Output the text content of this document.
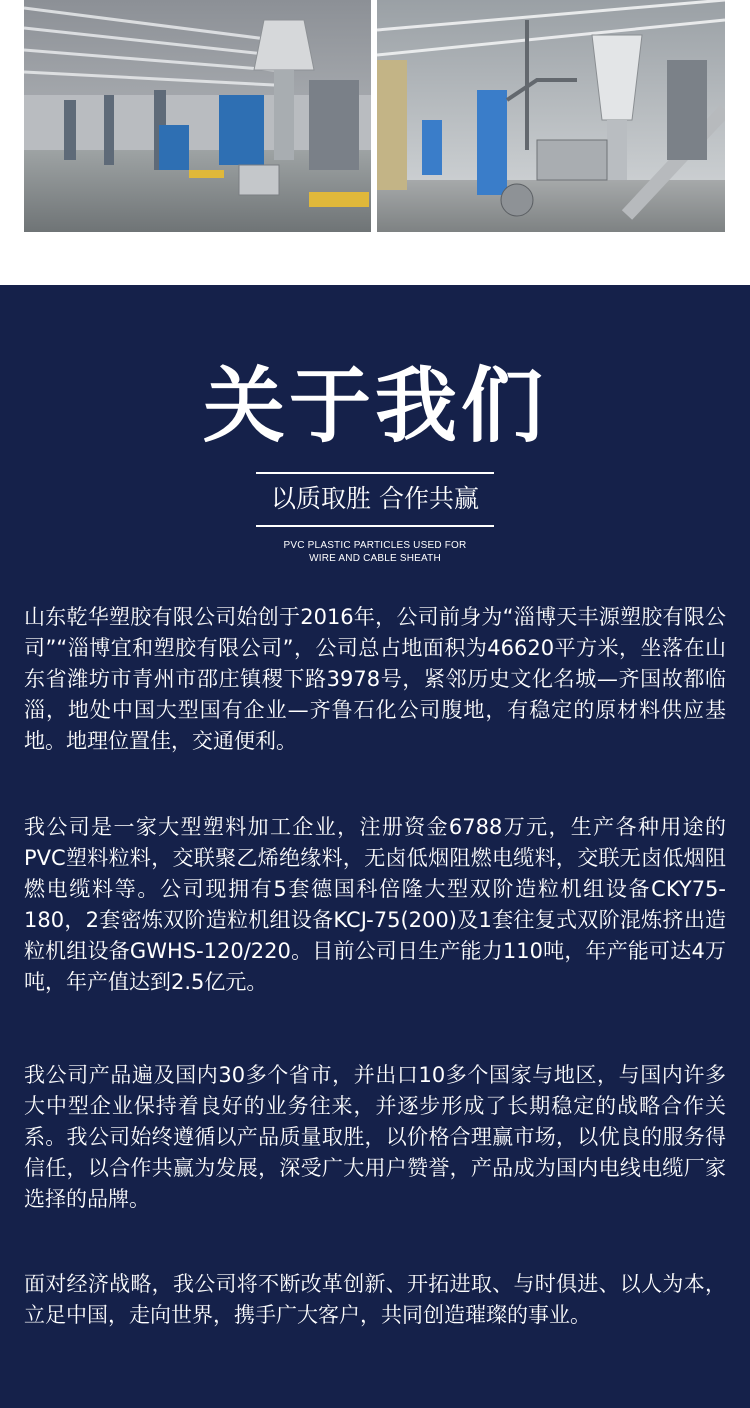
关于我们
以质取胜 合作共赢
PVC PLASTIC PARTICLES USED FOR
WIRE AND CABLE SHEATH

山东乾华塑胶有限公司始创于2016年，公司前身为“淄博天丰源塑胶有限公司”“淄博宜和塑胶有限公司”，公司总占地面积为46620平方米，坐落在山东省潍坊市青州市邵庄镇稷下路3978号，紧邻历史文化名城—齐国故都临淄，地处中国大型国有企业—齐鲁石化公司腹地，有稳定的原材料供应基地。地理位置佳，交通便利。

我公司是一家大型塑料加工企业，注册资金6788万元，生产各种用途的PVC塑料粒料，交联聚乙烯绝缘料，无卤低烟阻燃电缆料，交联无卤低烟阻燃电缆料等。公司现拥有5套德国科倍隆大型双阶造粒机组设备CKY75-180，2套密炼双阶造粒机组设备KCJ-75(200)及1套往复式双阶混炼挤出造粒机组设备GWHS-120/220。目前公司日生产能力110吨，年产能可达4万吨，年产值达到2.5亿元。

我公司产品遍及国内30多个省市，并出口10多个国家与地区，与国内许多大中型企业保持着良好的业务往来，并逐步形成了长期稳定的战略合作关系。我公司始终遵循以产品质量取胜，以价格合理赢市场，以优良的服务得信任，以合作共赢为发展，深受广大用户赞誉，产品成为国内电线电缆厂家选择的品牌。

面对经济战略，我公司将不断改革创新、开拓进取、与时俱进、以人为本，立足中国，走向世界，携手广大客户，共同创造璀璨的事业。
